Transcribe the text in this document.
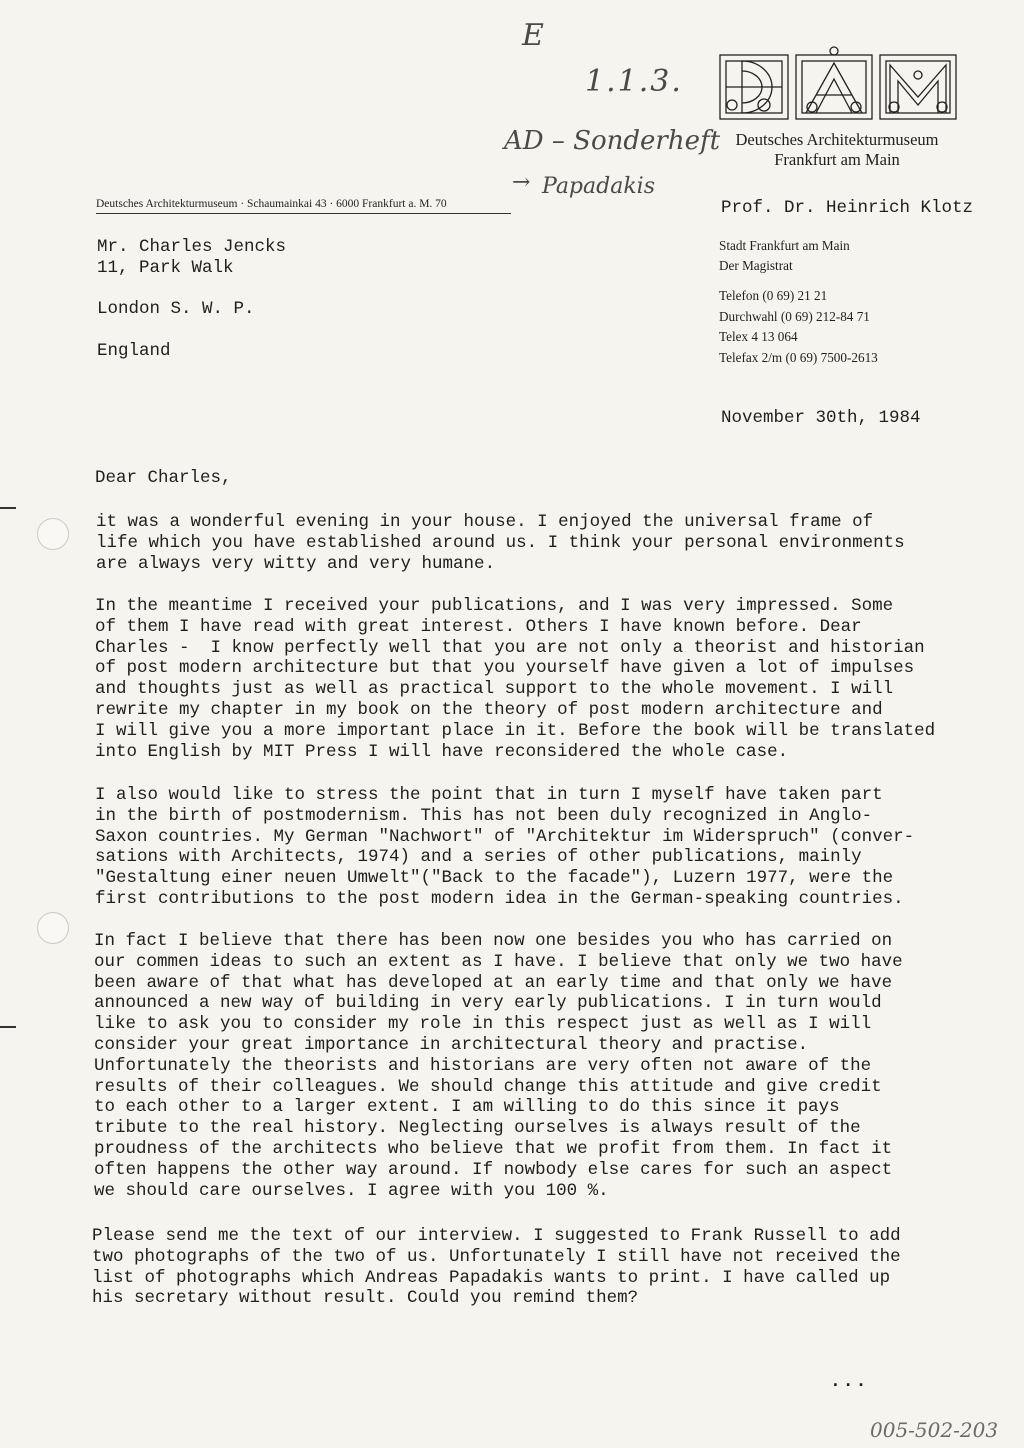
E
1.1.3.
AD – Sonderheft
→ Papadakis
Deutsches Architekturmuseum
Frankfurt am Main
Prof. Dr. Heinrich Klotz
Stadt Frankfurt am Main
Der Magistrat
Telefon (0 69) 21 21
Durchwahl (0 69) 212-84 71
Telex 4 13 064
Telefax 2/m (0 69) 7500-2613
Deutsches Architekturmuseum · Schaumainkai 43 · 6000 Frankfurt a. M. 70
Mr. Charles Jencks
11, Park Walk
London S. W. P.
England
November 30th, 1984
Dear Charles,
it was a wonderful evening in your house. I enjoyed the universal frame of
life which you have established around us. I think your personal environments
are always very witty and very humane.
In the meantime I received your publications, and I was very impressed. Some
of them I have read with great interest. Others I have known before. Dear
Charles -  I know perfectly well that you are not only a theorist and historian
of post modern architecture but that you yourself have given a lot of impulses
and thoughts just as well as practical support to the whole movement. I will
rewrite my chapter in my book on the theory of post modern architecture and
I will give you a more important place in it. Before the book will be translated
into English by MIT Press I will have reconsidered the whole case.
I also would like to stress the point that in turn I myself have taken part
in the birth of postmodernism. This has not been duly recognized in Anglo-
Saxon countries. My German "Nachwort" of "Architektur im Widerspruch" (conver-
sations with Architects, 1974) and a series of other publications, mainly
"Gestaltung einer neuen Umwelt"("Back to the facade"), Luzern 1977, were the
first contributions to the post modern idea in the German-speaking countries.
In fact I believe that there has been now one besides you who has carried on
our commen ideas to such an extent as I have. I believe that only we two have
been aware of that what has developed at an early time and that only we have
announced a new way of building in very early publications. I in turn would
like to ask you to consider my role in this respect just as well as I will
consider your great importance in architectural theory and practise.
Unfortunately the theorists and historians are very often not aware of the
results of their colleagues. We should change this attitude and give credit
to each other to a larger extent. I am willing to do this since it pays
tribute to the real history. Neglecting ourselves is always result of the
proudness of the architects who believe that we profit from them. In fact it
often happens the other way around. If nowbody else cares for such an aspect
we should care ourselves. I agree with you 100 %.
Please send me the text of our interview. I suggested to Frank Russell to add
two photographs of the two of us. Unfortunately I still have not received the
list of photographs which Andreas Papadakis wants to print. I have called up
his secretary without result. Could you remind them?
...
005-502-203
